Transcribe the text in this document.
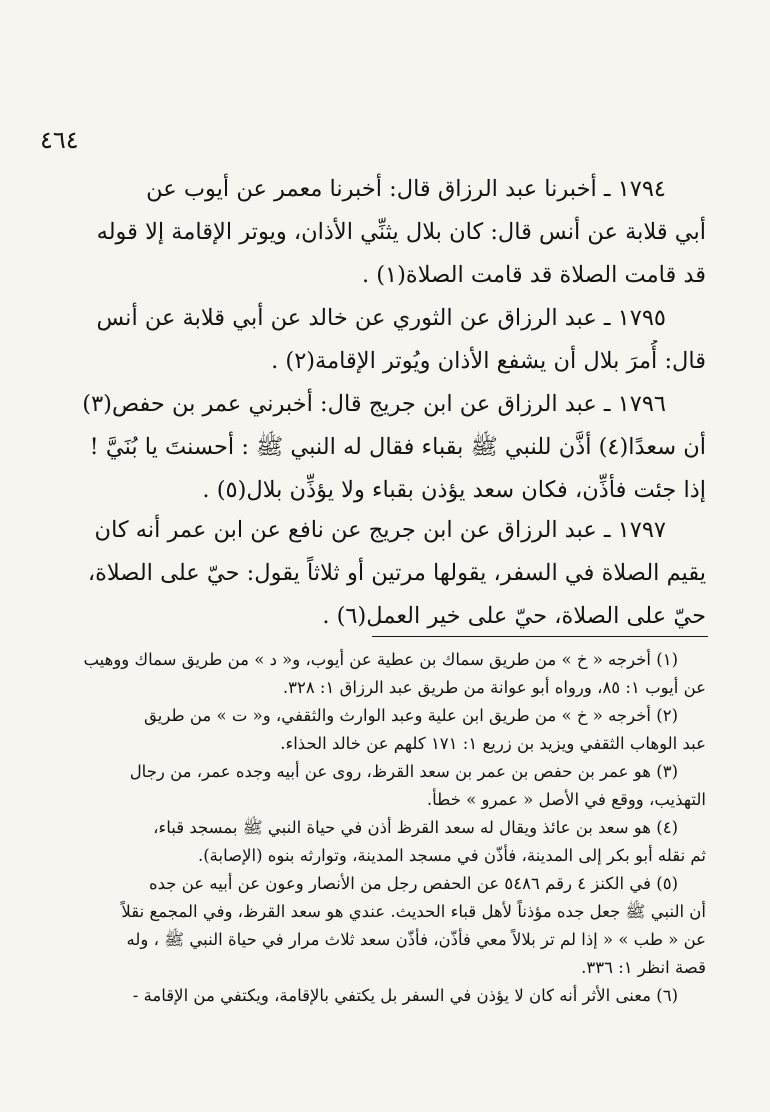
٤٦٤
١٧٩٤ ـ أخبرنا عبد الرزاق قال: أخبرنا معمر عن أيوب عن
أبي قلابة عن أنس قال: كان بلال يثنِّي الأذان، ويوتر الإقامة إلا قوله
قد قامت الصلاة قد قامت الصلاة(١) .
١٧٩٥ ـ عبد الرزاق عن الثوري عن خالد عن أبي قلابة عن أنس
قال: أُمرَ بلال أن يشفع الأذان ويُوتر الإقامة(٢) .
١٧٩٦ ـ عبد الرزاق عن ابن جريج قال: أخبرني عمر بن حفص(٣)
أن سعدًا(٤) أذَّن للنبي ﷺ بقباء فقال له النبي ﷺ : أحسنتَ يا بُنَيَّ !
إذا جئت فأذِّن، فكان سعد يؤذن بقباء ولا يؤذِّن بلال(٥) .
١٧٩٧ ـ عبد الرزاق عن ابن جريج عن نافع عن ابن عمر أنه كان
يقيم الصلاة في السفر، يقولها مرتين أو ثلاثاً يقول: حيّ على الصلاة،
حيّ على الصلاة، حيّ على خير العمل(٦) .
(١) أخرجه « خ » من طريق سماك بن عطية عن أيوب، و« د » من طريق سماك ووهيب
عن أيوب ١: ٨٥، ورواه أبو عوانة من طريق عبد الرزاق ١: ٣٢٨.
(٢) أخرجه « خ » من طريق ابن علية وعبد الوارث والثقفي، و« ت » من طريق
عبد الوهاب الثقفي ويزيد بن زريع ١: ١٧١ كلهم عن خالد الحذاء.
(٣) هو عمر بن حفص بن عمر بن سعد القرظ، روى عن أبيه وجده عمر، من رجال
التهذيب، ووقع في الأصل « عمرو » خطأ.
(٤) هو سعد بن عائذ ويقال له سعد القرظ أذن في حياة النبي ﷺ بمسجد قباء،
ثم نقله أبو بكر إلى المدينة، فأذّن في مسجد المدينة، وتوارثه بنوه (الإصابة).
(٥) في الكنز ٤ رقم ٥٤٨٦ عن الحفص رجل من الأنصار وعون عن أبيه عن جده
أن النبي ﷺ جعل جده مؤذناً لأهل قباء الحديث. عندي هو سعد القرظ، وفي المجمع نقلاً
عن « طب » « إذا لم تر بلالاً معي فأذّن، فأذّن سعد ثلاث مرار في حياة النبي ﷺ ، وله
قصة انظر ١: ٣٣٦.
(٦) معنى الأثر أنه كان لا يؤذن في السفر بل يكتفي بالإقامة، ويكتفي من الإقامة -
